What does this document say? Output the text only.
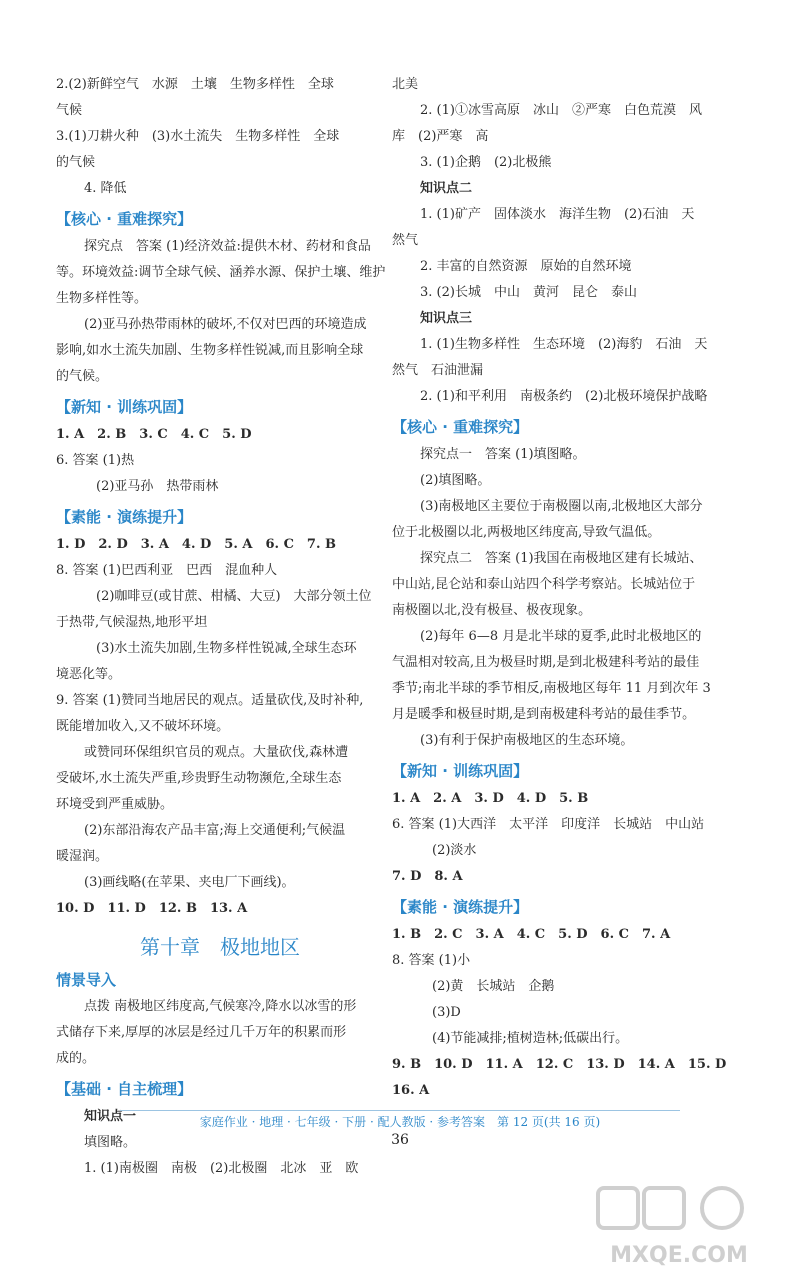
2.(2)新鲜空气　水源　土壤　生物多样性　全球
气候
3.(1)刀耕火种　(3)水土流失　生物多样性　全球
的气候
4. 降低
【核心 · 重难探究】
探究点　答案 (1)经济效益:提供木材、药材和食品
等。环境效益:调节全球气候、涵养水源、保护土壤、维护
生物多样性等。
(2)亚马孙热带雨林的破坏,不仅对巴西的环境造成
影响,如水土流失加剧、生物多样性锐减,而且影响全球
的气候。
【新知 · 训练巩固】
1. A　2. B　3. C　4. C　5. D
6. 答案 (1)热
(2)亚马孙　热带雨林
【素能 · 演练提升】
1. D　2. D　3. A　4. D　5. A　6. C　7. B
8. 答案 (1)巴西利亚　巴西　混血种人
(2)咖啡豆(或甘蔗、柑橘、大豆)　大部分领土位
于热带,气候湿热,地形平坦
(3)水土流失加剧,生物多样性锐减,全球生态环
境恶化等。
9. 答案 (1)赞同当地居民的观点。适量砍伐,及时补种,
既能增加收入,又不破坏环境。
或赞同环保组织官员的观点。大量砍伐,森林遭
受破坏,水土流失严重,珍贵野生动物濒危,全球生态
环境受到严重威胁。
(2)东部沿海农产品丰富;海上交通便利;气候温
暖湿润。
(3)画线略(在苹果、夹电厂下画线)。
10. D　11. D　12. B　13. A
第十章　极地地区
情景导入
点拨 南极地区纬度高,气候寒冷,降水以冰雪的形
式储存下来,厚厚的冰层是经过几千万年的积累而形
成的。
【基础 · 自主梳理】
知识点一
填图略。
1. (1)南极圈　南极　(2)北极圈　北冰　亚　欧
北美
2. (1)①冰雪高原　冰山　②严寒　白色荒漠　风
库　(2)严寒　高
3. (1)企鹅　(2)北极熊
知识点二
1. (1)矿产　固体淡水　海洋生物　(2)石油　天
然气
2. 丰富的自然资源　原始的自然环境
3. (2)长城　中山　黄河　昆仑　泰山
知识点三
1. (1)生物多样性　生态环境　(2)海豹　石油　天
然气　石油泄漏
2. (1)和平利用　南极条约　(2)北极环境保护战略
【核心 · 重难探究】
探究点一　答案 (1)填图略。
(2)填图略。
(3)南极地区主要位于南极圈以南,北极地区大部分
位于北极圈以北,两极地区纬度高,导致气温低。
探究点二　答案 (1)我国在南极地区建有长城站、
中山站,昆仑站和泰山站四个科学考察站。长城站位于
南极圈以北,没有极昼、极夜现象。
(2)每年 6—8 月是北半球的夏季,此时北极地区的
气温相对较高,且为极昼时期,是到北极建科考站的最佳
季节;南北半球的季节相反,南极地区每年 11 月到次年 3
月是暖季和极昼时期,是到南极建科考站的最佳季节。
(3)有利于保护南极地区的生态环境。
【新知 · 训练巩固】
1. A　2. A　3. D　4. D　5. B
6. 答案 (1)大西洋　太平洋　印度洋　长城站　中山站
(2)淡水
7. D　8. A
【素能 · 演练提升】
1. B　2. C　3. A　4. C　5. D　6. C　7. A
8. 答案 (1)小
(2)黄　长城站　企鹅
(3)D
(4)节能减排;植树造林;低碳出行。
9. B　10. D　11. A　12. C　13. D　14. A　15. D
16. A
家庭作业 · 地理 · 七年级 · 下册 · 配人教版 · 参考答案　第 12 页(共 16 页)
36
MXQE.COM
